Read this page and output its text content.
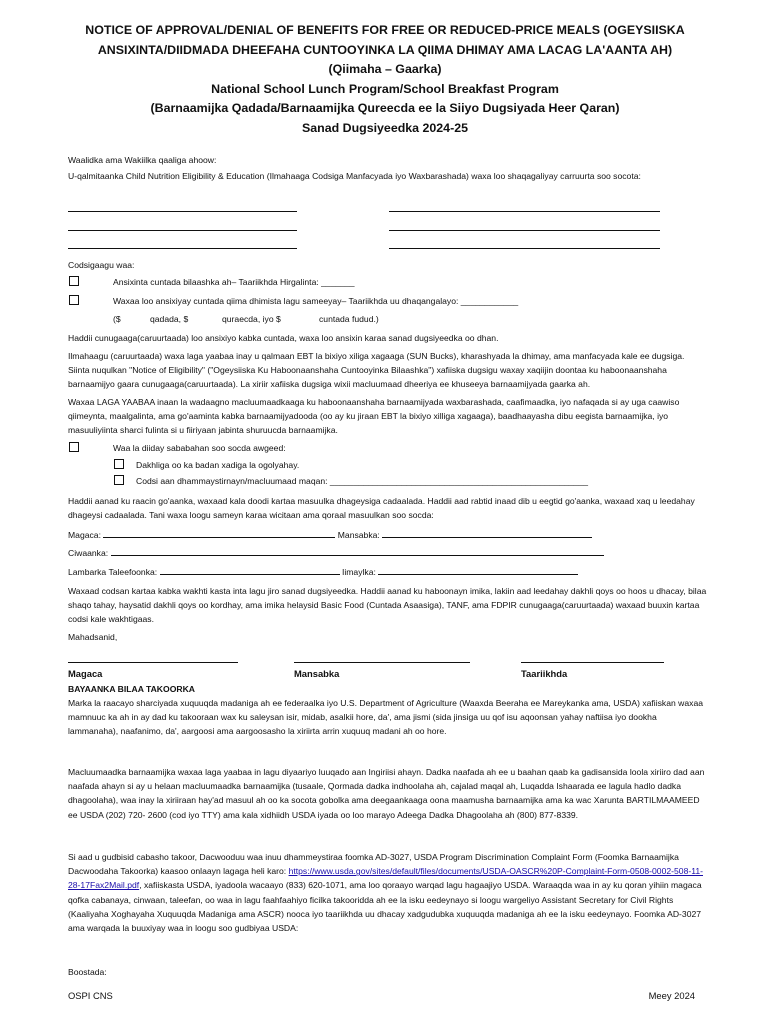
NOTICE OF APPROVAL/DENIAL OF BENEFITS FOR FREE OR REDUCED-PRICE MEALS (OGEYSIISKA
ANSIXINTA/DIIDMADA DHEEFAHA CUNTOOYINKA LA QIIMA DHIMAY AMA LACAG LA'AANTA AH)
(Qiimaha – Gaarka)
National School Lunch Program/School Breakfast Program
(Barnaamijka Qadada/Barnaamijka Qureecda ee la Siiyo Dugsiyada Heer Qaran)
Sanad Dugsiyeedka 2024-25
Waalidka ama Wakiilka qaaliga ahoow:
U-qalmitaanka Child Nutrition Eligibility & Education (Ilmahaaga Codsiga Manfacyada iyo Waxbarashada) waxa loo shaqagaliyay carruurta soo socota:
Codsigaagu waa:
Ansixinta cuntada bilaashka ah– Taariikhda Hirgalinta: _______
Waxaa loo ansixiyay cuntada qiima dhimista lagu sameeyay– Taariikhda uu dhaqangalayo: ____________
($	qadada, $	quraecda, iyo $	cuntada fudud.)
Haddii cunugaaga(caruurtaada) loo ansixiyo kabka cuntada, waxa loo ansixin karaa sanad dugsiyeedka oo dhan.
Ilmahaagu (caruurtaada) waxa laga yaabaa inay u qalmaan EBT la bixiyo xiliga xagaaga (SUN Bucks), kharashyada la dhimay, ama manfacyada kale ee dugsiga. Siinta nuqulkan "Notice of Eligibility" ("Ogeysiiska Ku Haboonaanshaha Cuntooyinka Bilaashka") xafiiska dugsigu waxay xaqiijin doontaa ku haboonaanshaha barnaamijyo gaara cunugaaga(caruurtaada). La xiriir xafiiska dugsiga wixii macluumaad dheeriya ee khuseeya barnaamijyada gaarka ah.
Waxaa LAGA YAABAA inaan la wadaagno macluumaadkaaga ku haboonaanshaha barnaamijyada waxbarashada, caafimaadka, iyo nafaqada si ay uga caawiso qiimeynta, maalgalinta, ama go'aaminta kabka barnaamijyadooda (oo ay ku jiraan EBT la bixiyo xilliga xagaaga), baadhaayasha dibu eegista barnaamijka, iyo masuuliyiinta sharci fulinta si u fiiriyaan jabinta shuruucda barnaamijka.
Waa la diiday sababahan soo socda awgeed:
Dakhliga oo ka badan xadiga la ogolyahay.
Codsi aan dhammaystirnayn/macluumaad maqan: ______________________________________________________
Haddii aanad ku raacin go'aanka, waxaad kala doodi kartaa masuulka dhageysiga cadaalada. Haddii aad rabtid inaad dib u eegtid go'aanka, waxaad xaq u leedahay dhageysi cadaalada. Tani waxa loogu sameyn karaa wicitaan ama qoraal masuulkan soo socda:
Magaca:	Mansabka:
Ciwaanka:
Lambarka Taleefoonka:	Iimaylka:
Waxaad codsan kartaa kabka wakhti kasta inta lagu jiro sanad dugsiyeedka. Haddii aanad ku haboonayn imika, lakiin aad leedahay dakhli qoys oo hoos u dhacay, bilaa shaqo tahay, haysatid dakhli qoys oo kordhay, ama imika helaysid Basic Food (Cuntada Asaasiga), TANF, ama FDPIR cunugaaga(caruurtaada) waxaad buuxin kartaa codsi kale wakhtigaas.
Mahadsanid,
Magaca	Mansabka	Taariikhda
BAYAANKA BILAA TAKOORKA
Marka la raacayo sharciyada xuquuqda madaniga ah ee federaalka iyo U.S. Department of Agriculture (Waaxda Beeraha ee Mareykanka ama, USDA) xafiiskan waxaa mamnuuc ka ah in ay dad ku takooraan wax ku saleysan isir, midab, asalkii hore, da', ama jismi (sida jinsiga uu qof isu aqoonsan yahay naftiisa iyo dookha lammanaha), naafanimo, da', aargoosi ama aargoosasho la xiriirta arrin xuquuq madani ah oo hore.
Macluumaadka barnaamijka waxaa laga yaabaa in lagu diyaariyo luuqado aan Ingiriisi ahayn. Dadka naafada ah ee u baahan qaab ka gadisansida loola xiriiro dad aan naafada ahayn si ay u helaan macluumaadka barnaamijka (tusaale, Qormada dadka indhoolaha ah, cajalad maqal ah, Luqadda Ishaarada ee lagula hadlo dadka dhagoolaha), waa inay la xiriiraan hay'ad masuul ah oo ka socota gobolka ama deegaankaaga oona maamusha barnaamijka ama ka wac Xarunta BARTILMAAMEED ee USDA (202) 720- 2600 (cod iyo TTY) ama kala xidhiidh USDA iyada oo loo marayo Adeega Dadka Dhagoolaha ah (800) 877-8339.
Si aad u gudbisid cabasho takoor, Dacwooduu waa inuu dhammeystiraa foomka AD-3027, USDA Program Discrimination Complaint Form (Foomka Barnaamijka Dacwoodaha Takoorka) kaasoo onlaayn lagaga heli karo: https://www.usda.gov/sites/default/files/documents/USDA-OASCR%20P-Complaint-Form-0508-0002-508-11-28-17Fax2Mail.pdf, xafiiskasta USDA, iyadoola wacaayo (833) 620-1071, ama loo qoraayo warqad lagu hagaajiyo USDA. Waraaqda waa in ay ku qoran yihiin magaca qofka cabanaya, cinwaan, taleefan, oo waa in lagu faahfaahiyo ficilka takooridda ah ee la isku eedeynayo si loogu wargeliyo Assistant Secretary for Civil Rights (Kaaliyaha Xoghayaha Xuquuqda Madaniga ama ASCR) nooca iyo taariikhda uu dhacay xadgudubka xuquuqda madaniga ah ee la isku eedeynayo. Foomka AD-3027 ama warqada la buuxiyay waa in loogu soo gudbiyaa USDA:
Boostada:
OSPI CNS	Meey 2024
